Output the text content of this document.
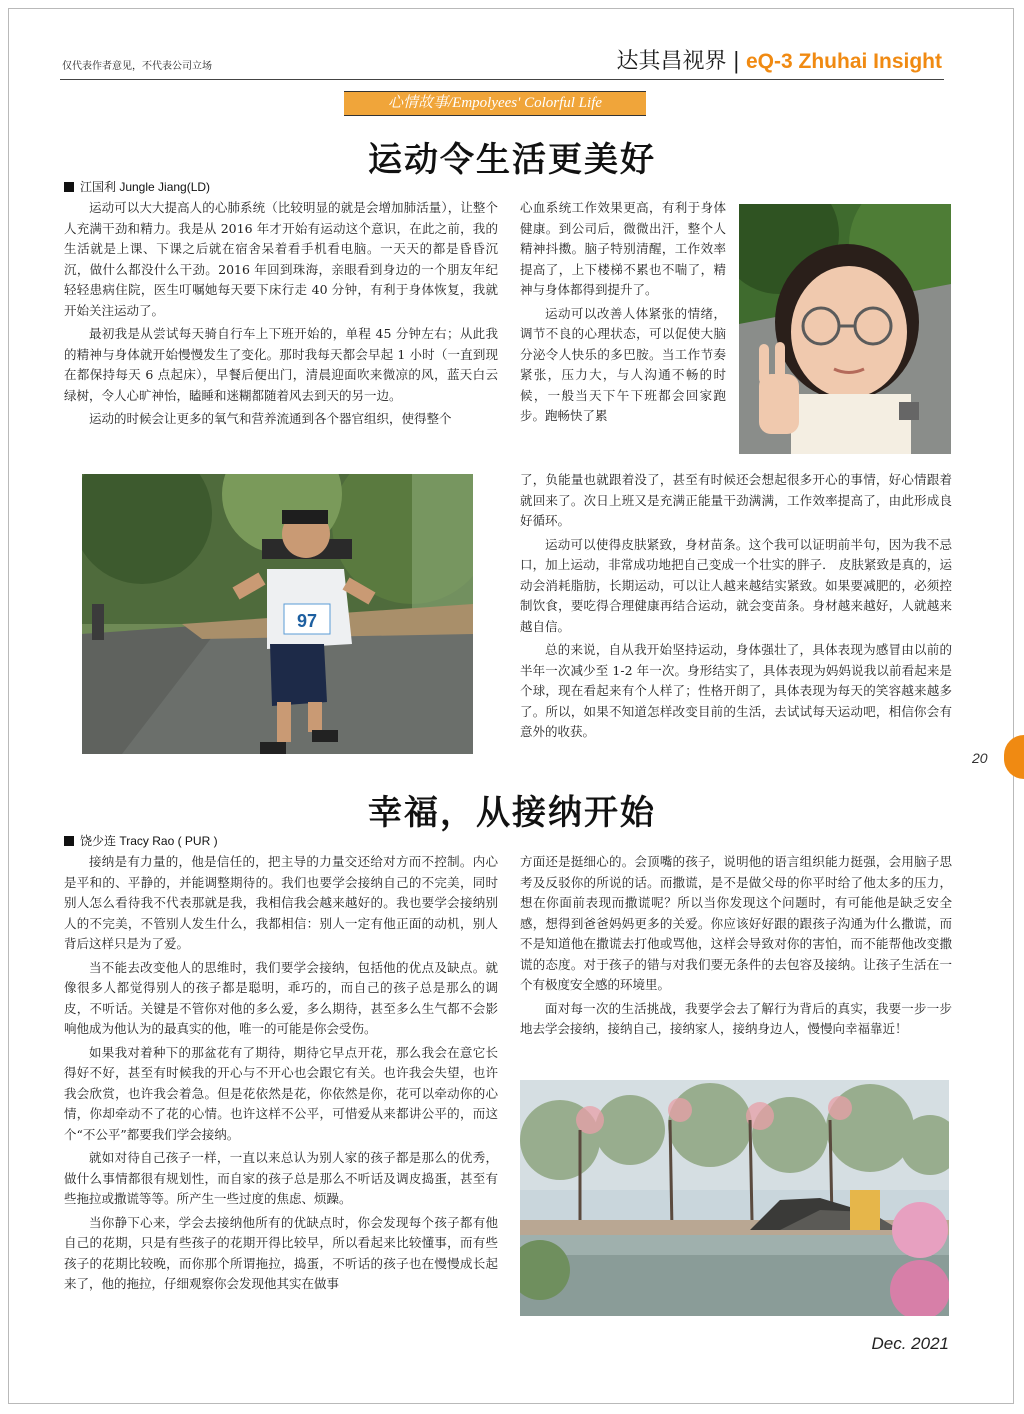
仅代表作者意见，不代表公司立场	达其昌视界 | eQ-3 Zhuhai Insight
心情故事/Empolyees' Colorful Life
运动令生活更美好
江国利 Jungle Jiang(LD)

运动可以大大提高人的心肺系统（比较明显的就是会增加肺活量），让整个人充满干劲和精力。我是从 2016 年才开始有运动这个意识，在此之前，我的生活就是上课、下课之后就在宿舍呆着看手机看电脑。一天天的都是昏昏沉沉，做什么都没什么干劲。2016 年回到珠海，亲眼看到身边的一个朋友年纪轻轻患病住院，医生叮嘱她每天要下床行走 40 分钟，有利于身体恢复，我就开始关注运动了。

最初我是从尝试每天骑自行车上下班开始的，单程 45 分钟左右；从此我的精神与身体就开始慢慢发生了变化。那时我每天都会早起 1 小时（一直到现在都保持每天 6 点起床），早餐后便出门，清晨迎面吹来微凉的风，蓝天白云绿树，令人心旷神怡，瞌睡和迷糊都随着风去到天的另一边。

运动的时候会让更多的氧气和营养流通到各个器官组织，使得整个

97

心血系统工作效果更高，有利于身体健康。到公司后，微微出汗，整个人精神抖擞。脑子特别清醒，工作效率提高了，上下楼梯不累也不喘了，精神与身体都得到提升了。

运动可以改善人体紧张的情绪，调节不良的心理状态，可以促使大脑分泌令人快乐的多巴胺。当工作节奏紧张，压力大，与人沟通不畅的时候，一般当天下午下班都会回家跑步。跑畅快了累

了，负能量也就跟着没了，甚至有时候还会想起很多开心的事情，好心情跟着就回来了。次日上班又是充满正能量干劲满满，工作效率提高了，由此形成良好循环。

运动可以使得皮肤紧致，身材苗条。这个我可以证明前半句，因为我不忌口，加上运动，非常成功地把自己变成一个壮实的胖子． 皮肤紧致是真的，运动会消耗脂肪，长期运动，可以让人越来越结实紧致。如果要减肥的，必须控制饮食，要吃得合理健康再结合运动，就会变苗条。身材越来越好，人就越来越自信。

总的来说，自从我开始坚持运动，身体强壮了，具体表现为感冒由以前的半年一次减少至 1-2 年一次。身形结实了，具体表现为妈妈说我以前看起来是个球，现在看起来有个人样了；性格开朗了，具体表现为每天的笑容越来越多了。所以，如果不知道怎样改变目前的生活，去试试每天运动吧，相信你会有意外的收获。

20
幸福，从接纳开始
饶少连 Tracy Rao ( PUR )

接纳是有力量的，他是信任的，把主导的力量交还给对方而不控制。内心是平和的、平静的，并能调整期待的。我们也要学会接纳自己的不完美，同时别人怎么看待我不代表那就是我，我相信我会越来越好的。我也要学会接纳别人的不完美，不管别人发生什么，我都相信：别人一定有他正面的动机，别人背后这样只是为了爱。

当不能去改变他人的思维时，我们要学会接纳，包括他的优点及缺点。就像很多人都觉得别人的孩子都是聪明，乖巧的，而自己的孩子总是那么的调皮，不听话。关键是不管你对他的多么爱，多么期待，甚至多么生气都不会影响他成为他认为的最真实的他，唯一的可能是你会受伤。

如果我对着种下的那盆花有了期待，期待它早点开花，那么我会在意它长得好不好，甚至有时候我的开心与不开心也会跟它有关。也许我会失望，也许我会欣赏，也许我会着急。但是花依然是花，你依然是你，花可以牵动你的心情，你却牵动不了花的心情。也许这样不公平，可惜爱从来都讲公平的，而这个“不公平”都要我们学会接纳。

就如对待自己孩子一样，一直以来总认为别人家的孩子都是那么的优秀，做什么事情都很有规划性，而自家的孩子总是那么不听话及调皮捣蛋，甚至有些拖拉或撒谎等等。所产生一些过度的焦虑、烦躁。

当你静下心来，学会去接纳他所有的优缺点时，你会发现每个孩子都有他自己的花期，只是有些孩子的花期开得比较早，所以看起来比较懂事，而有些孩子的花期比较晚，而你那个所谓拖拉，捣蛋，不听话的孩子也在慢慢成长起来了，他的拖拉，仔细观察你会发现他其实在做事

方面还是挺细心的。会顶嘴的孩子，说明他的语言组织能力挺强，会用脑子思考及反驳你的所说的话。而撒谎，是不是做父母的你平时给了他太多的压力，想在你面前表现而撒谎呢？所以当你发现这个问题时，有可能他是缺乏安全感，想得到爸爸妈妈更多的关爱。你应该好好跟的跟孩子沟通为什么撒谎，而不是知道他在撒谎去打他或骂他，这样会导致对你的害怕，而不能帮他改变撒谎的态度。对于孩子的错与对我们要无条件的去包容及接纳。让孩子生活在一个有极度安全感的环境里。

面对每一次的生活挑战，我要学会去了解行为背后的真实，我要一步一步地去学会接纳，接纳自己，接纳家人，接纳身边人，慢慢向幸福靠近！

Dec. 2021
